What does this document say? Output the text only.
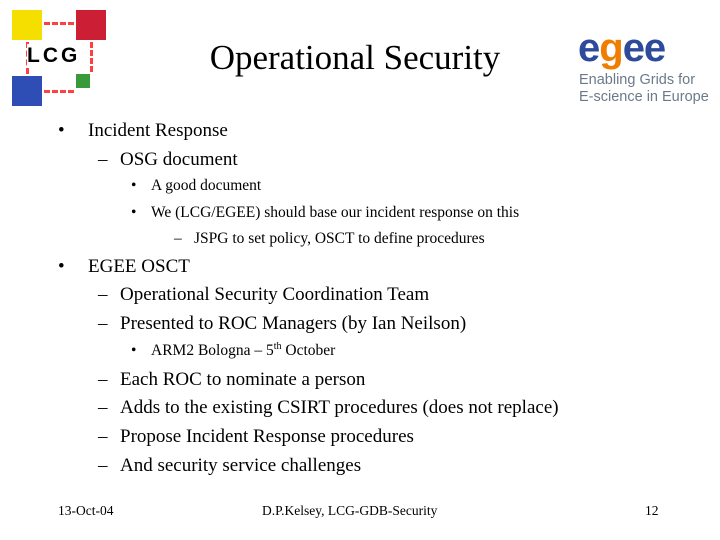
LCG	Operational Security	egee
Enabling Grids for
E-science in Europe
• Incident Response
– OSG document
• A good document
• We (LCG/EGEE) should base our incident response on this
– JSPG to set policy, OSCT to define procedures
• EGEE OSCT
– Operational Security Coordination Team
– Presented to ROC Managers (by Ian Neilson)
• ARM2 Bologna – 5th October
– Each ROC to nominate a person
– Adds to the existing CSIRT procedures (does not replace)
– Propose Incident Response procedures
– And security service challenges
13-Oct-04	D.P.Kelsey, LCG-GDB-Security	12
